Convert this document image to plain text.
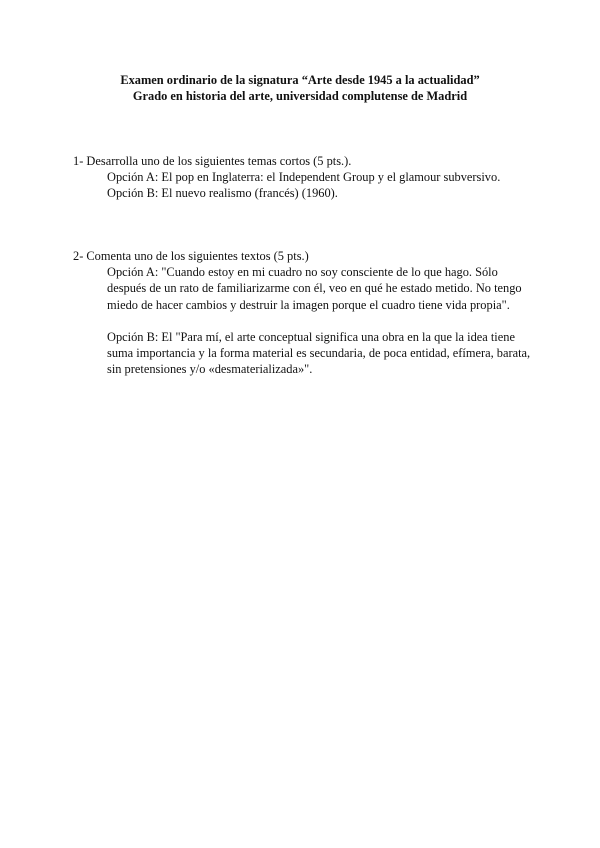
Examen ordinario de la signatura “Arte desde 1945 a la actualidad”
Grado en historia del arte, universidad complutense de Madrid
1- Desarrolla uno de los siguientes temas cortos (5 pts.).
Opción A: El pop en Inglaterra: el Independent Group y el glamour subversivo.
Opción B: El nuevo realismo (francés) (1960).
2- Comenta uno de los siguientes textos (5 pts.)
Opción A: "Cuando estoy en mi cuadro no soy consciente de lo que hago. Sólo
después de un rato de familiarizarme con él, veo en qué he estado metido. No tengo
miedo de hacer cambios y destruir la imagen porque el cuadro tiene vida propia".
Opción B: El "Para mí, el arte conceptual significa una obra en la que la idea tiene
suma importancia y la forma material es secundaria, de poca entidad, efímera, barata,
sin pretensiones y/o «desmaterializada»".
